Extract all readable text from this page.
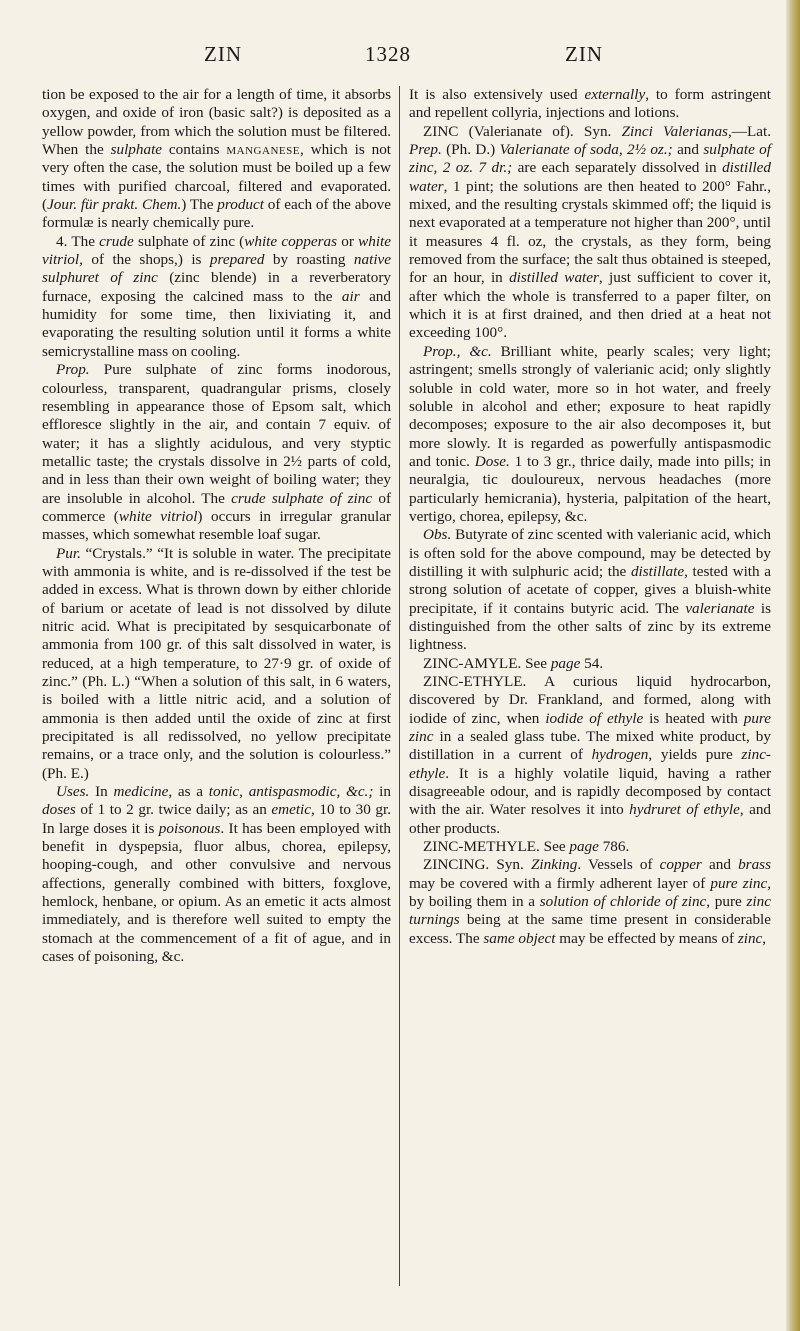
ZIN	1328	ZIN

tion be exposed to the air for a length of time, it absorbs oxygen, and oxide of iron (basic salt?) is deposited as a yellow powder, from which the solution must be filtered. When the sulphate contains manganese, which is not very often the case, the solution must be boiled up a few times with purified charcoal, filtered and evaporated. (Jour. für prakt. Chem.) The product of each of the above formulæ is nearly chemically pure.

4. The crude sulphate of zinc (white copperas or white vitriol, of the shops,) is prepared by roasting native sulphuret of zinc (zinc blende) in a reverberatory furnace, exposing the calcined mass to the air and humidity for some time, then lixiviating it, and evaporating the resulting solution until it forms a white semicrystalline mass on cooling.

Prop. Pure sulphate of zinc forms inodorous, colourless, transparent, quadrangular prisms, closely resembling in appearance those of Epsom salt, which effloresce slightly in the air, and contain 7 equiv. of water; it has a slightly acidulous, and very styptic metallic taste; the crystals dissolve in 2½ parts of cold, and in less than their own weight of boiling water; they are insoluble in alcohol. The crude sulphate of zinc of commerce (white vitriol) occurs in irregular granular masses, which somewhat resemble loaf sugar.

Pur. “Crystals.” “It is soluble in water. The precipitate with ammonia is white, and is re-dissolved if the test be added in excess. What is thrown down by either chloride of barium or acetate of lead is not dissolved by dilute nitric acid. What is precipitated by sesquicarbonate of ammonia from 100 gr. of this salt dissolved in water, is reduced, at a high temperature, to 27·9 gr. of oxide of zinc.” (Ph. L.) “When a solution of this salt, in 6 waters, is boiled with a little nitric acid, and a solution of ammonia is then added until the oxide of zinc at first precipitated is all redissolved, no yellow precipitate remains, or a trace only, and the solution is colourless.” (Ph. E.)

Uses. In medicine, as a tonic, antispasmodic, &c.; in doses of 1 to 2 gr. twice daily; as an emetic, 10 to 30 gr. In large doses it is poisonous. It has been employed with benefit in dyspepsia, fluor albus, chorea, epilepsy, hooping-cough, and other convulsive and nervous affections, generally combined with bitters, foxglove, hemlock, henbane, or opium. As an emetic it acts almost immediately, and is therefore well suited to empty the stomach at the commencement of a fit of ague, and in cases of poisoning, &c.

It is also extensively used externally, to form astringent and repellent collyria, injections and lotions.

ZINC (Valerianate of). Syn. Zinci Valerianas,—Lat. Prep. (Ph. D.) Valerianate of soda, 2½ oz.; and sulphate of zinc, 2 oz. 7 dr.; are each separately dissolved in distilled water, 1 pint; the solutions are then heated to 200° Fahr., mixed, and the resulting crystals skimmed off; the liquid is next evaporated at a temperature not higher than 200°, until it measures 4 fl. oz, the crystals, as they form, being removed from the surface; the salt thus obtained is steeped, for an hour, in distilled water, just sufficient to cover it, after which the whole is transferred to a paper filter, on which it is at first drained, and then dried at a heat not exceeding 100°.

Prop., &c. Brilliant white, pearly scales; very light; astringent; smells strongly of valerianic acid; only slightly soluble in cold water, more so in hot water, and freely soluble in alcohol and ether; exposure to heat rapidly decomposes; exposure to the air also decomposes it, but more slowly. It is regarded as powerfully antispasmodic and tonic. Dose. 1 to 3 gr., thrice daily, made into pills; in neuralgia, tic douloureux, nervous headaches (more particularly hemicrania), hysteria, palpitation of the heart, vertigo, chorea, epilepsy, &c.

Obs. Butyrate of zinc scented with valerianic acid, which is often sold for the above compound, may be detected by distilling it with sulphuric acid; the distillate, tested with a strong solution of acetate of copper, gives a bluish-white precipitate, if it contains butyric acid. The valerianate is distinguished from the other salts of zinc by its extreme lightness.

ZINC-AMYLE. See page 54.

ZINC-ETHYLE. A curious liquid hydrocarbon, discovered by Dr. Frankland, and formed, along with iodide of zinc, when iodide of ethyle is heated with pure zinc in a sealed glass tube. The mixed white product, by distillation in a current of hydrogen, yields pure zinc-ethyle. It is a highly volatile liquid, having a rather disagreeable odour, and is rapidly decomposed by contact with the air. Water resolves it into hydruret of ethyle, and other products.

ZINC-METHYLE. See page 786.

ZINCING. Syn. Zinking. Vessels of copper and brass may be covered with a firmly adherent layer of pure zinc, by boiling them in a solution of chloride of zinc, pure zinc turnings being at the same time present in considerable excess. The same object may be effected by means of zinc,
